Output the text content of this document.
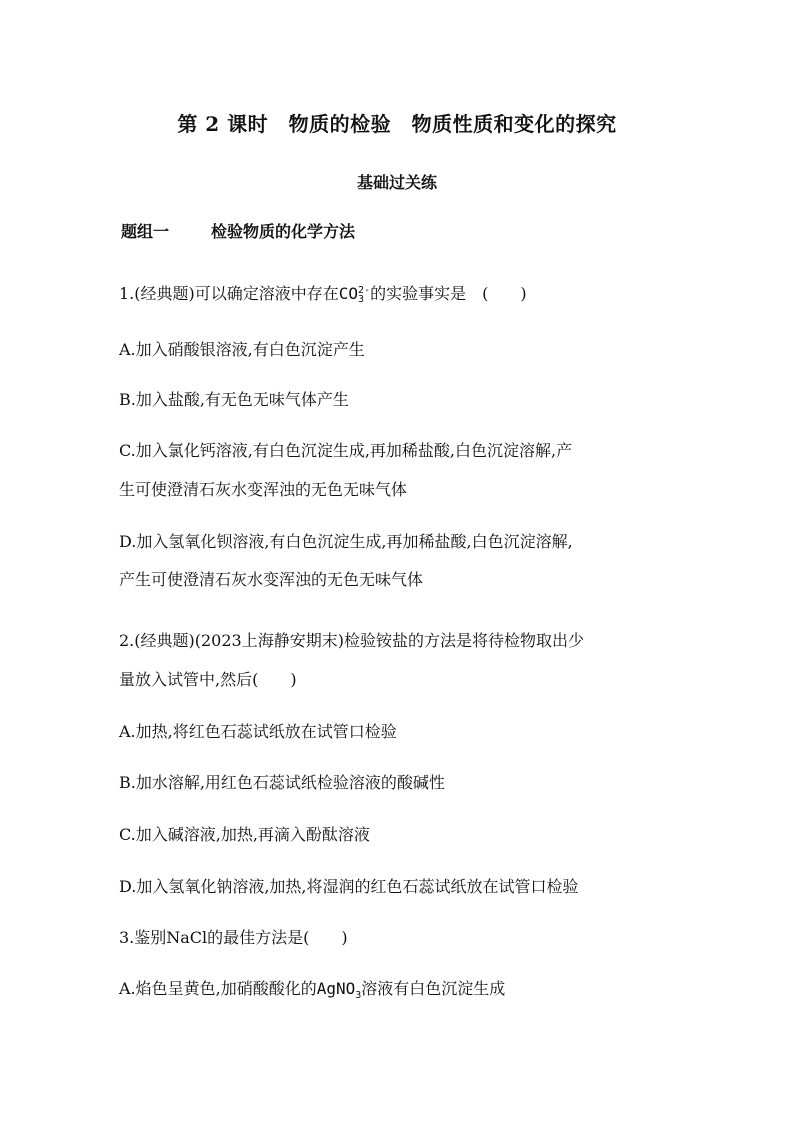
第 2 课时　物质的检验　物质性质和变化的探究
基础过关练
题组一	检验物质的化学方法
1.(经典题)可以确定溶液中存在CO 2-
3 的实验事实是　(　　)
A.加入硝酸银溶液,有白色沉淀产生
B.加入盐酸,有无色无味气体产生
C.加入氯化钙溶液,有白色沉淀生成,再加稀盐酸,白色沉淀溶解,产
生可使澄清石灰水变浑浊的无色无味气体
D.加入氢氧化钡溶液,有白色沉淀生成,再加稀盐酸,白色沉淀溶解,
产生可使澄清石灰水变浑浊的无色无味气体
2.(经典题)(2023上海静安期末)检验铵盐的方法是将待检物取出少
量放入试管中,然后(　　)
A.加热,将红色石蕊试纸放在试管口检验
B.加水溶解,用红色石蕊试纸检验溶液的酸碱性
C.加入碱溶液,加热,再滴入酚酞溶液
D.加入氢氧化钠溶液,加热,将湿润的红色石蕊试纸放在试管口检验
3.鉴别NaCl的最佳方法是(　　)
A.焰色呈黄色,加硝酸酸化的AgNO$_3$溶液有白色沉淀生成
